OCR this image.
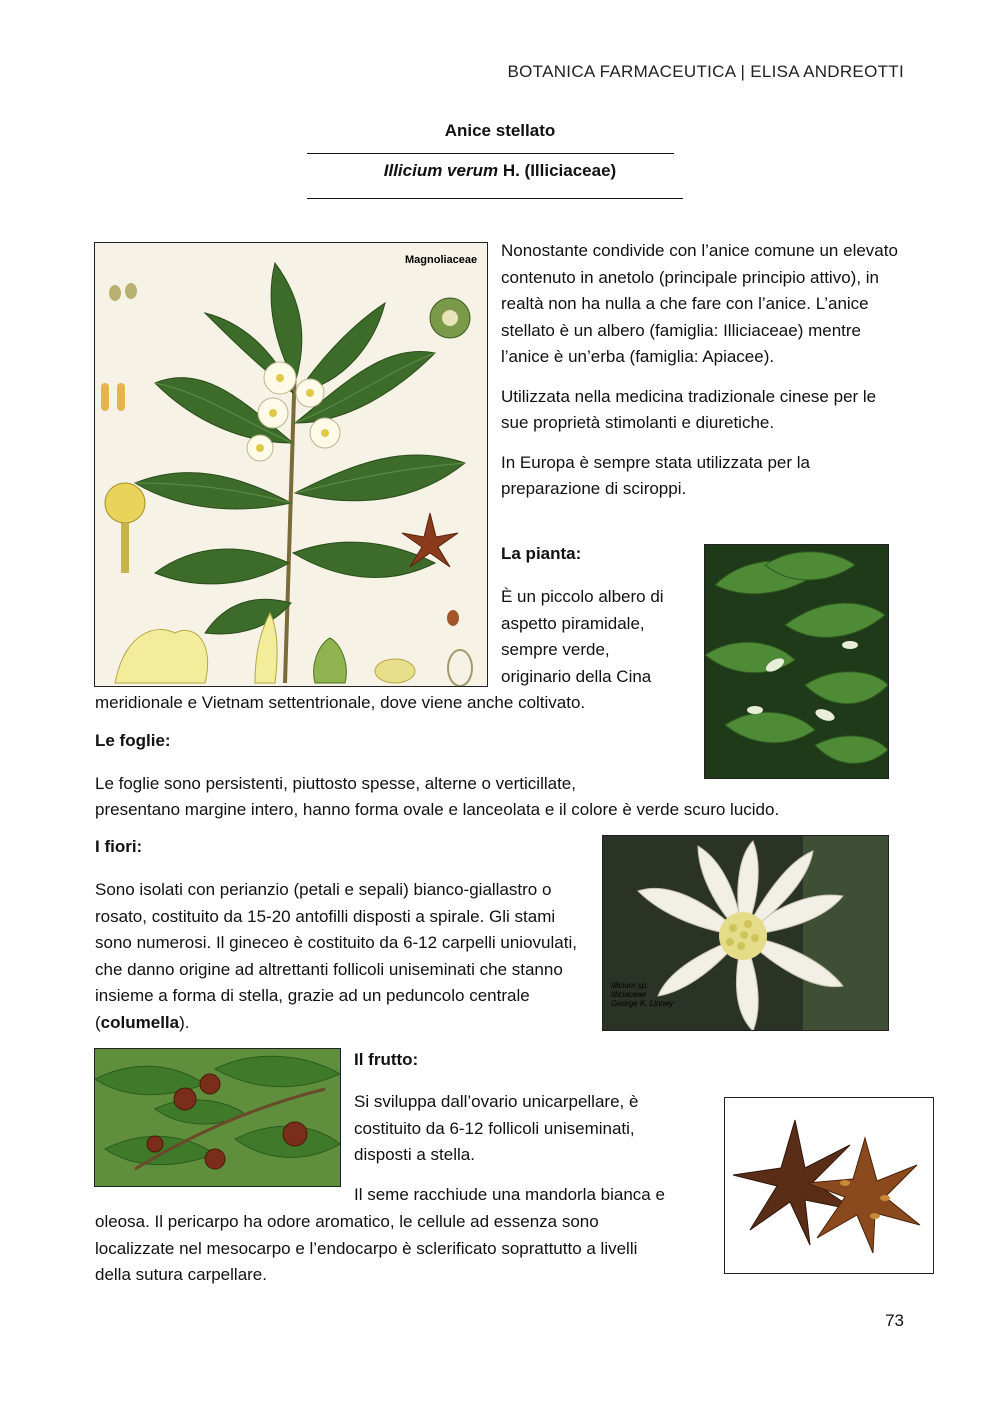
BOTANICA FARMACEUTICA | ELISA ANDREOTTI
Anice stellato
Illicium verum H. (Illiciaceae)
Magnoliaceae Nonostante condivide con l’anice comune un elevato contenuto in anetolo (principale principio attivo), in realtà non ha nulla a che fare con l’anice. L’anice stellato è un albero (famiglia: Illiciaceae) mentre l’anice è un’erba (famiglia: Apiacee).

Utilizzata nella medicina tradizionale cinese per le sue proprietà stimolanti e diuretiche.

In Europa è sempre stata utilizzata per la preparazione di sciroppi.

La pianta:
È un piccolo albero di
aspetto piramidale,
sempre verde,
originario della Cina
meridionale e Vietnam settentrionale, dove viene anche coltivato.
Le foglie:
Le foglie sono persistenti, piuttosto spesse, alterne o verticillate,
presentano margine intero, hanno forma ovale e lanceolata e il colore è verde scuro lucido.
I fiori:

Sono isolati con perianzio (petali e sepali) bianco-giallastro o rosato, costituito da 15-20 antofilli disposti a spirale. Gli stami sono numerosi. Il gineceo è costituito da 6-12 carpelli uniovulati, che danno origine ad altrettanti follicoli uniseminati che stanno insieme a forma di stella, grazie ad un peduncolo centrale (columella).

Illicium sp.
Illiciaceae
George K. Linney
Il frutto:

Si sviluppa dall’ovario unicarpellare, è costituito da 6-12 follicoli uniseminati, disposti a stella.

Il seme racchiude una mandorla bianca e
oleosa. Il pericarpo ha odore aromatico, le cellule ad essenza sono
localizzate nel mesocarpo e l’endocarpo è sclerificato soprattutto a livelli
della sutura carpellare.
73
